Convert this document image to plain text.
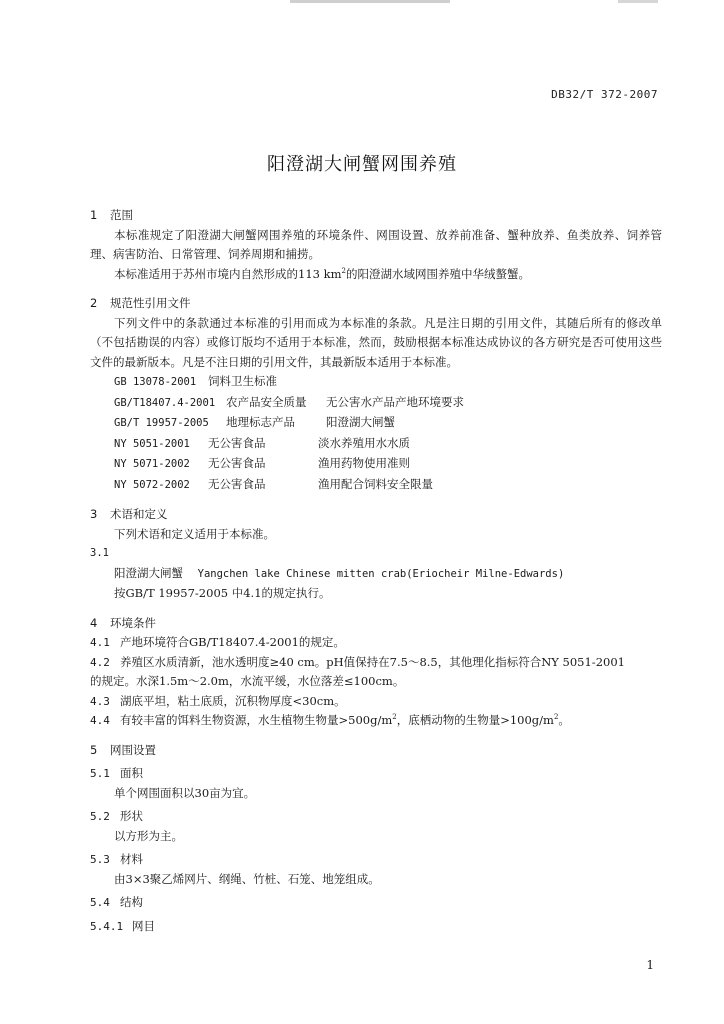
DB32/T 372-2007
阳澄湖大闸蟹网围养殖
1 范围
本标准规定了阳澄湖大闸蟹网围养殖的环境条件、网围设置、放养前准备、蟹种放养、鱼类放养、饲养管理、病害防治、日常管理、饲养周期和捕捞。
本标准适用于苏州市境内自然形成的113 $km^2$的阳澄湖水域网围养殖中华绒螯蟹。
2 规范性引用文件
下列文件中的条款通过本标准的引用而成为本标准的条款。凡是注日期的引用文件，其随后所有的修改单（不包括勘误的内容）或修订版均不适用于本标准，然而，鼓励根据本标准达成协议的各方研究是否可使用这些文件的最新版本。凡是不注日期的引用文件，其最新版本适用于本标准。
GB 13078-2001 饲料卫生标准
GB/T18407.4-2001 农产品安全质量 无公害水产品产地环境要求
GB/T 19957-2005 地理标志产品	阳澄湖大闸蟹
NY 5051-2001 无公害食品	淡水养殖用水水质
NY 5071-2002 无公害食品	渔用药物使用准则
NY 5072-2002 无公害食品	渔用配合饲料安全限量
3 术语和定义
下列术语和定义适用于本标准。
3.1
阳澄湖大闸蟹 Yangchen lake Chinese mitten crab(Eriocheir Milne-Edwards)
按GB/T 19957-2005 中4.1的规定执行。
4 环境条件
4.1 产地环境符合GB/T18407.4-2001的规定。
4.2 养殖区水质清新，池水透明度≥40 cm。pH值保持在7.5～8.5，其他理化指标符合NY 5051-2001
的规定。水深1.5m～2.0m，水流平缓，水位落差≤100cm。
4.3 湖底平坦，粘土底质，沉积物厚度<30cm。
4.4 有较丰富的饵料生物资源，水生植物生物量$>500g/m^2$，底栖动物的生物量$>100g/m^2$。
5 网围设置
5.1 面积
单个网围面积以30亩为宜。
5.2 形状
以方形为主。
5.3 材料
由3×3聚乙烯网片、纲绳、竹桩、石笼、地笼组成。
5.4 结构
5.4.1 网目
1
